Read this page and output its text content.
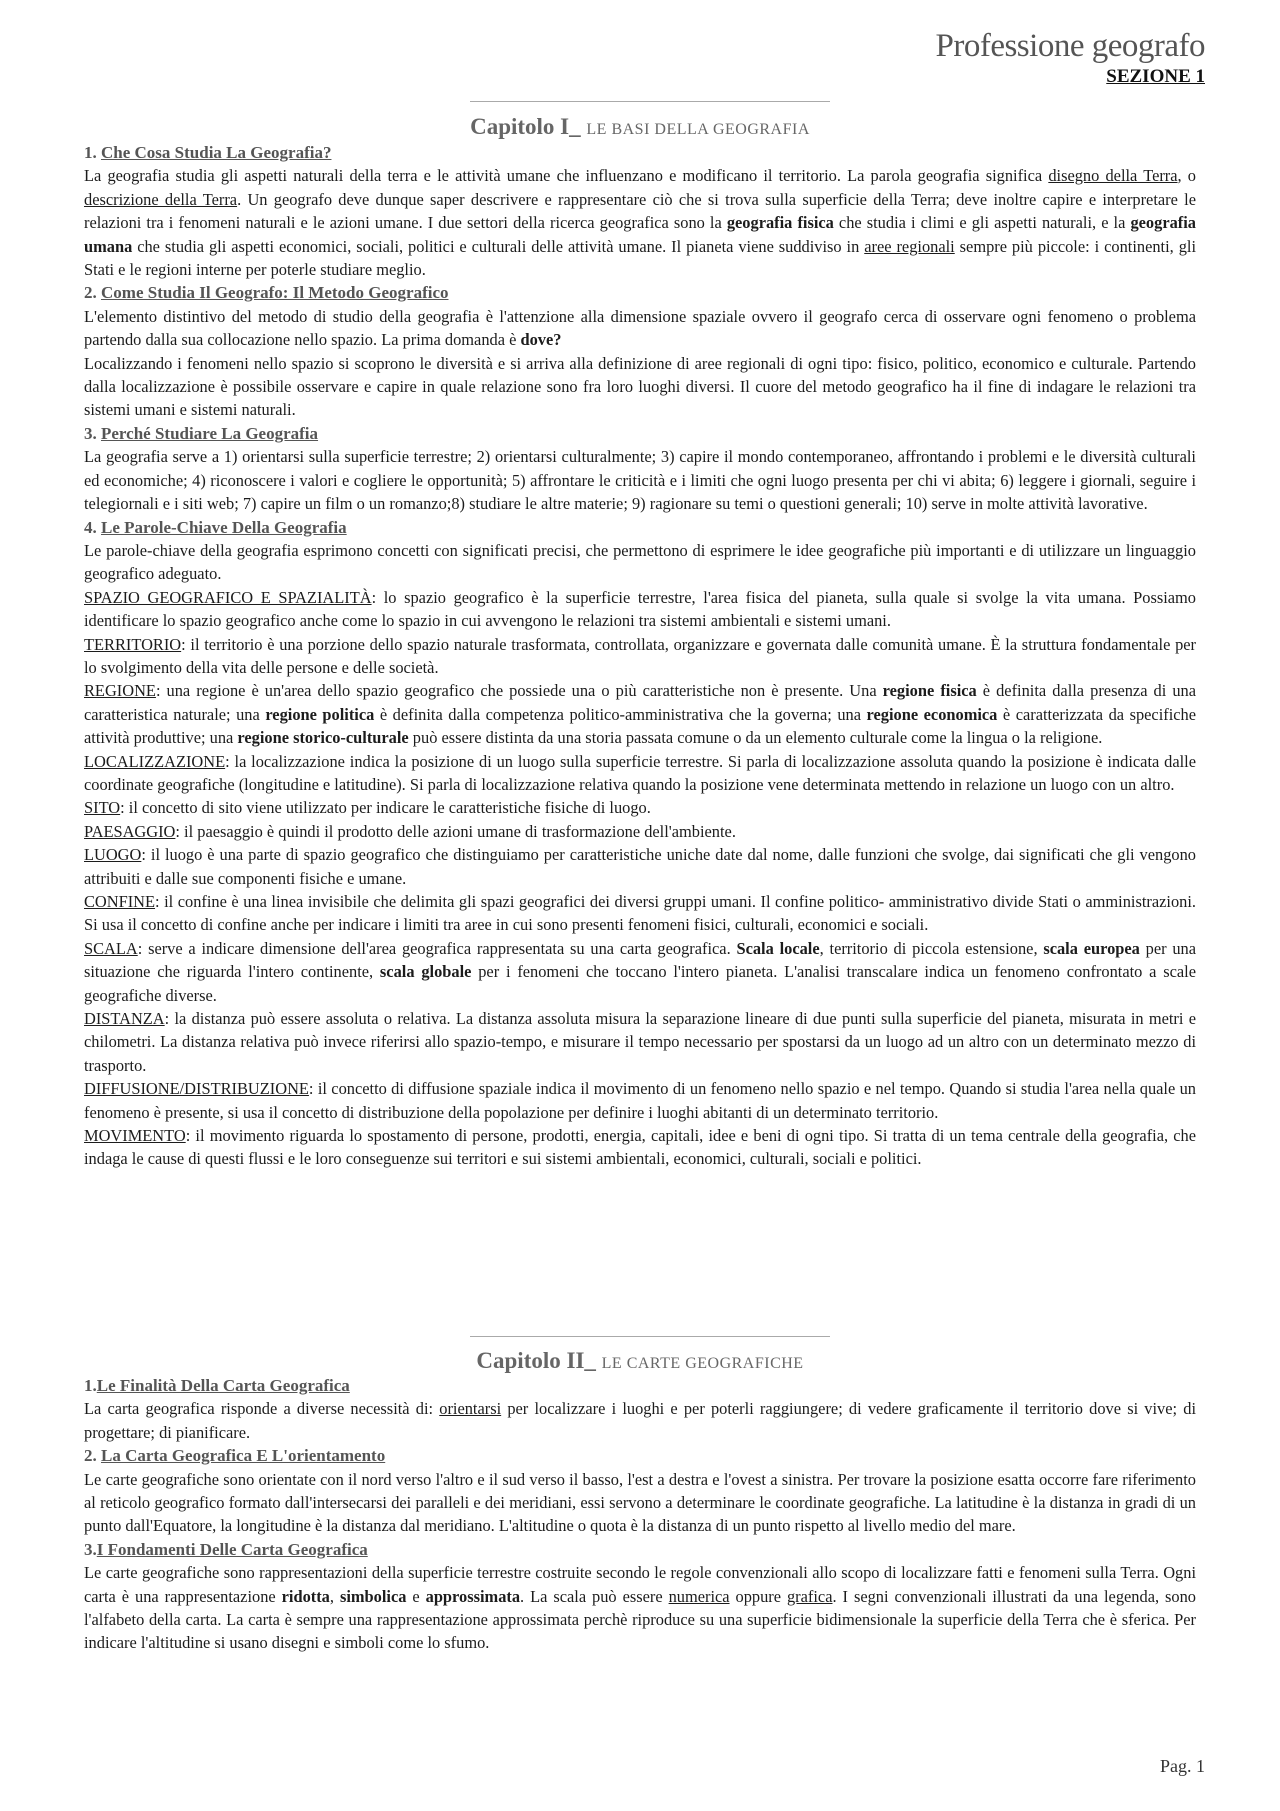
Professione geografo
SEZIONE 1
Capitolo I_ LE BASI DELLA GEOGRAFIA

1. Che Cosa Studia La Geografia?

La geografia studia gli aspetti naturali della terra e le attività umane che influenzano e modificano il territorio. La parola geografia significa disegno della Terra, o descrizione della Terra. Un geografo deve dunque saper descrivere e rappresentare ciò che si trova sulla superficie della Terra; deve inoltre capire e interpretare le relazioni tra i fenomeni naturali e le azioni umane. I due settori della ricerca geografica sono la geografia fisica che studia i climi e gli aspetti naturali, e la geografia umana che studia gli aspetti economici, sociali, politici e culturali delle attività umane. Il pianeta viene suddiviso in aree regionali sempre più piccole: i continenti, gli Stati e le regioni interne per poterle studiare meglio.

2. Come Studia Il Geografo: Il Metodo Geografico

L'elemento distintivo del metodo di studio della geografia è l'attenzione alla dimensione spaziale ovvero il geografo cerca di osservare ogni fenomeno o problema partendo dalla sua collocazione nello spazio. La prima domanda è dove?

Localizzando i fenomeni nello spazio si scoprono le diversità e si arriva alla definizione di aree regionali di ogni tipo: fisico, politico, economico e culturale. Partendo dalla localizzazione è possibile osservare e capire in quale relazione sono fra loro luoghi diversi. Il cuore del metodo geografico ha il fine di indagare le relazioni tra sistemi umani e sistemi naturali.

3. Perché Studiare La Geografia

La geografia serve a 1) orientarsi sulla superficie terrestre; 2) orientarsi culturalmente; 3) capire il mondo contemporaneo, affrontando i problemi e le diversità culturali ed economiche; 4) riconoscere i valori e cogliere le opportunità; 5) affrontare le criticità e i limiti che ogni luogo presenta per chi vi abita; 6) leggere i giornali, seguire i telegiornali e i siti web; 7) capire un film o un romanzo;8) studiare le altre materie; 9) ragionare su temi o questioni generali; 10) serve in molte attività lavorative.

4. Le Parole-Chiave Della Geografia

Le parole-chiave della geografia esprimono concetti con significati precisi, che permettono di esprimere le idee geografiche più importanti e di utilizzare un linguaggio geografico adeguato.

SPAZIO GEOGRAFICO E SPAZIALITÀ: lo spazio geografico è la superficie terrestre, l'area fisica del pianeta, sulla quale si svolge la vita umana. Possiamo identificare lo spazio geografico anche come lo spazio in cui avvengono le relazioni tra sistemi ambientali e sistemi umani.

TERRITORIO: il territorio è una porzione dello spazio naturale trasformata, controllata, organizzare e governata dalle comunità umane. È la struttura fondamentale per lo svolgimento della vita delle persone e delle società.

REGIONE: una regione è un'area dello spazio geografico che possiede una o più caratteristiche non è presente. Una regione fisica è definita dalla presenza di una caratteristica naturale; una regione politica è definita dalla competenza politico-amministrativa che la governa; una regione economica è caratterizzata da specifiche attività produttive; una regione storico-culturale può essere distinta da una storia passata comune o da un elemento culturale come la lingua o la religione.

LOCALIZZAZIONE: la localizzazione indica la posizione di un luogo sulla superficie terrestre. Si parla di localizzazione assoluta quando la posizione è indicata dalle coordinate geografiche (longitudine e latitudine). Si parla di localizzazione relativa quando la posizione vene determinata mettendo in relazione un luogo con un altro.

SITO: il concetto di sito viene utilizzato per indicare le caratteristiche fisiche di luogo.

PAESAGGIO: il paesaggio è quindi il prodotto delle azioni umane di trasformazione dell'ambiente.

LUOGO: il luogo è una parte di spazio geografico che distinguiamo per caratteristiche uniche date dal nome, dalle funzioni che svolge, dai significati che gli vengono attribuiti e dalle sue componenti fisiche e umane.

CONFINE: il confine è una linea invisibile che delimita gli spazi geografici dei diversi gruppi umani. Il confine politico- amministrativo divide Stati o amministrazioni. Si usa il concetto di confine anche per indicare i limiti tra aree in cui sono presenti fenomeni fisici, culturali, economici e sociali.

SCALA: serve a indicare dimensione dell'area geografica rappresentata su una carta geografica. Scala locale, territorio di piccola estensione, scala europea per una situazione che riguarda l'intero continente, scala globale per i fenomeni che toccano l'intero pianeta. L'analisi transcalare indica un fenomeno confrontato a scale geografiche diverse.

DISTANZA: la distanza può essere assoluta o relativa. La distanza assoluta misura la separazione lineare di due punti sulla superficie del pianeta, misurata in metri e chilometri. La distanza relativa può invece riferirsi allo spazio-tempo, e misurare il tempo necessario per spostarsi da un luogo ad un altro con un determinato mezzo di trasporto.

DIFFUSIONE/DISTRIBUZIONE: il concetto di diffusione spaziale indica il movimento di un fenomeno nello spazio e nel tempo. Quando si studia l'area nella quale un fenomeno è presente, si usa il concetto di distribuzione della popolazione per definire i luoghi abitanti di un determinato territorio.

MOVIMENTO: il movimento riguarda lo spostamento di persone, prodotti, energia, capitali, idee e beni di ogni tipo. Si tratta di un tema centrale della geografia, che indaga le cause di questi flussi e le loro conseguenze sui territori e sui sistemi ambientali, economici, culturali, sociali e politici.

Capitolo II_ LE CARTE GEOGRAFICHE

1.Le Finalità Della Carta Geografica

La carta geografica risponde a diverse necessità di: orientarsi per localizzare i luoghi e per poterli raggiungere; di vedere graficamente il territorio dove si vive; di progettare; di pianificare.

2. La Carta Geografica E L'orientamento

Le carte geografiche sono orientate con il nord verso l'altro e il sud verso il basso, l'est a destra e l'ovest a sinistra. Per trovare la posizione esatta occorre fare riferimento al reticolo geografico formato dall'intersecarsi dei paralleli e dei meridiani, essi servono a determinare le coordinate geografiche. La latitudine è la distanza in gradi di un punto dall'Equatore, la longitudine è la distanza dal meridiano. L'altitudine o quota è la distanza di un punto rispetto al livello medio del mare.

3.I Fondamenti Delle Carta Geografica

Le carte geografiche sono rappresentazioni della superficie terrestre costruite secondo le regole convenzionali allo scopo di localizzare fatti e fenomeni sulla Terra. Ogni carta è una rappresentazione ridotta, simbolica e approssimata. La scala può essere numerica oppure grafica. I segni convenzionali illustrati da una legenda, sono l'alfabeto della carta. La carta è sempre una rappresentazione approssimata perchè riproduce su una superficie bidimensionale la superficie della Terra che è sferica. Per indicare l'altitudine si usano disegni e simboli come lo sfumo.

Pag. 1
